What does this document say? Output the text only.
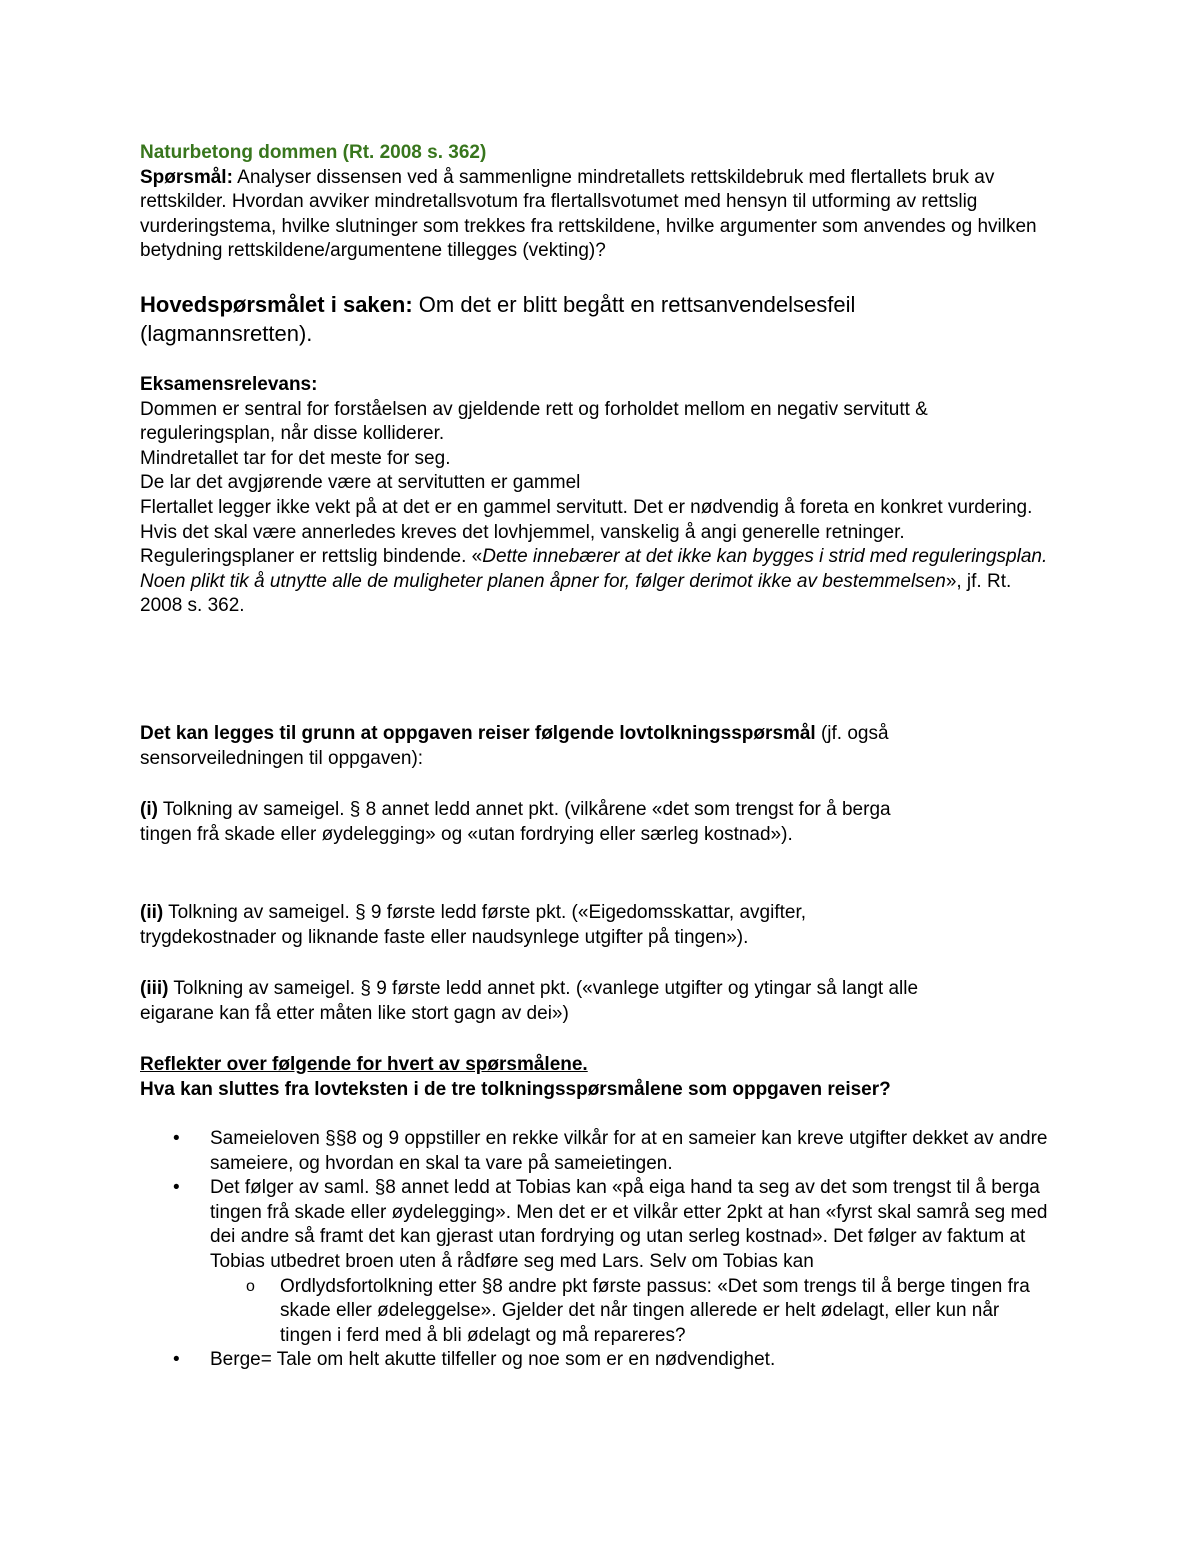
Naturbetong dommen (Rt. 2008 s. 362)
Spørsmål: Analyser dissensen ved å sammenligne mindretallets rettskildebruk med flertallets bruk av rettskilder. Hvordan avviker mindretallsvotum fra flertallsvotumet med hensyn til utforming av rettslig vurderingstema, hvilke slutninger som trekkes fra rettskildene, hvilke argumenter som anvendes og hvilken betydning rettskildene/argumentene tillegges (vekting)?
Hovedspørsmålet i saken: Om det er blitt begått en rettsanvendelsesfeil (lagmannsretten).
Eksamensrelevans:
Dommen er sentral for forståelsen av gjeldende rett og forholdet mellom en negativ servitutt & reguleringsplan, når disse kolliderer.
Mindretallet tar for det meste for seg.
De lar det avgjørende være at servitutten er gammel
Flertallet legger ikke vekt på at det er en gammel servitutt. Det er nødvendig å foreta en konkret vurdering. Hvis det skal være annerledes kreves det lovhjemmel, vanskelig å angi generelle retninger.
Reguleringsplaner er rettslig bindende. «Dette innebærer at det ikke kan bygges i strid med reguleringsplan. Noen plikt tik å utnytte alle de muligheter planen åpner for, følger derimot ikke av bestemmelsen», jf. Rt. 2008 s. 362.
Det kan legges til grunn at oppgaven reiser følgende lovtolkningsspørsmål (jf. også sensorveiledningen til oppgaven):
(i) Tolkning av sameigel. § 8 annet ledd annet pkt. (vilkårene «det som trengst for å berga tingen frå skade eller øydelegging» og «utan fordrying eller særleg kostnad»).
(ii) Tolkning av sameigel. § 9 første ledd første pkt. («Eigedomsskattar, avgifter, trygdekostnader og liknande faste eller naudsynlege utgifter på tingen»).
(iii) Tolkning av sameigel. § 9 første ledd annet pkt. («vanlege utgifter og ytingar så langt alle eigarane kan få etter måten like stort gagn av dei»)
Reflekter over følgende for hvert av spørsmålene.
Hva kan sluttes fra lovteksten i de tre tolkningsspørsmålene som oppgaven reiser?
• Sameieloven §§8 og 9 oppstiller en rekke vilkår for at en sameier kan kreve utgifter dekket av andre sameiere, og hvordan en skal ta vare på sameietingen.
• Det følger av saml. §8 annet ledd at Tobias kan «på eiga hand ta seg av det som trengst til å berga tingen frå skade eller øydelegging». Men det er et vilkår etter 2pkt at han «fyrst skal samrå seg med dei andre så framt det kan gjerast utan fordrying og utan serleg kostnad». Det følger av faktum at Tobias utbedret broen uten å rådføre seg med Lars. Selv om Tobias kan
o Ordlydsfortolkning etter §8 andre pkt første passus: «Det som trengs til å berge tingen fra skade eller ødeleggelse». Gjelder det når tingen allerede er helt ødelagt, eller kun når tingen i ferd med å bli ødelagt og må repareres?
• Berge= Tale om helt akutte tilfeller og noe som er en nødvendighet.
